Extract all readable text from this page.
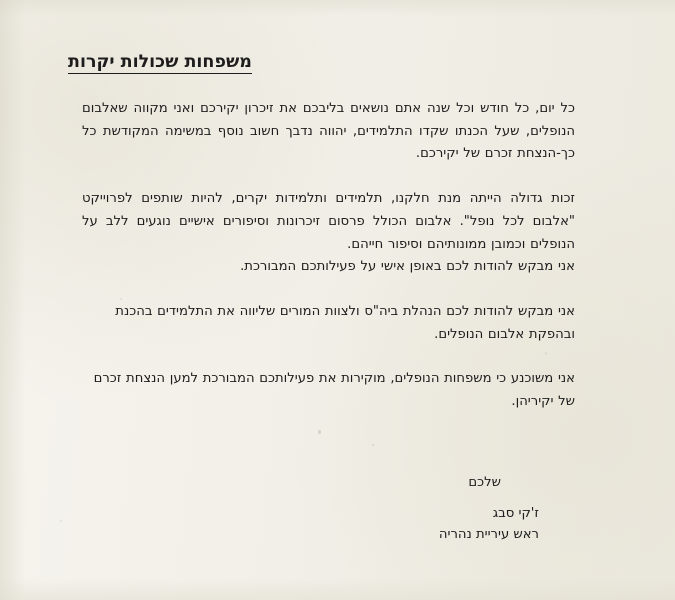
משפחות שכולות יקרות

כל יום, כל חודש וכל שנה אתם נושאים בליבכם את זיכרון יקירכם ואני מקווה שאלבום הנופלים, שעל הכנתו שקדו התלמידים, יהווה נדבך חשוב נוסף במשימה המקודשת כל כך-הנצחת זכרם של יקירכם.

זכות גדולה הייתה מנת חלקנו, תלמידים ותלמידות יקרים, להיות שותפים לפרוייקט "אלבום לכל נופל". אלבום הכולל פרסום זיכרונות וסיפורים אישיים נוגעים ללב על הנופלים וכמובן ממונותיהם וסיפור חייהם.
אני מבקש להודות לכם באופן אישי על פעילותכם המבורכת.

אני מבקש להודות לכם הנהלת ביה"ס ולצוות המורים שליווה את התלמידים בהכנת ובהפקת אלבום הנופלים.

אני משוכנע כי משפחות הנופלים, מוקירות את פעילותכם המבורכת למען הנצחת זכרם של יקיריהן.

שלכם
ז'קי סבג
ראש עיריית נהריה
